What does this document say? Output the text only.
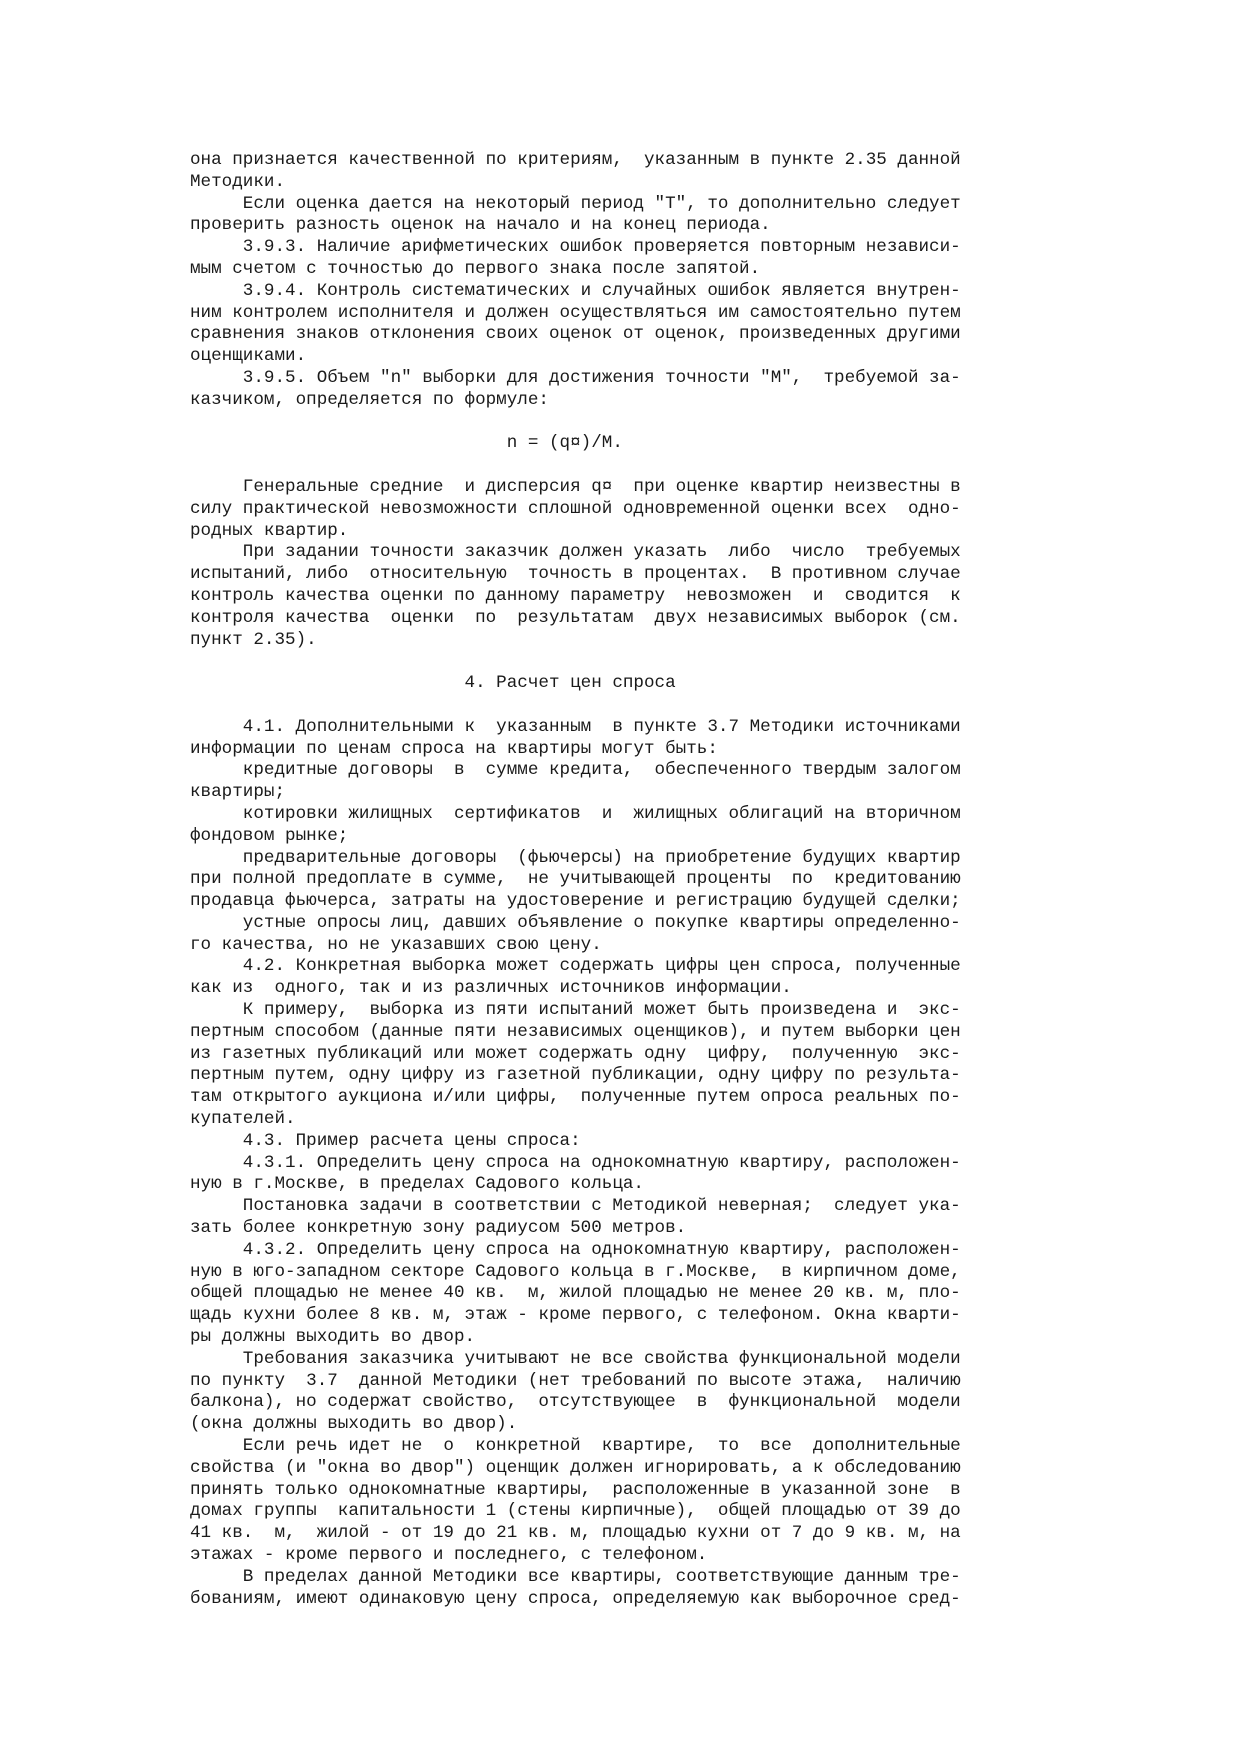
она признается качественной по критериям,  указанным в пункте 2.35 данной
Методики.
Если оценка дается на некоторый период "Т", то дополнительно следует
проверить разность оценок на начало и на конец периода.
3.9.3. Наличие арифметических ошибок проверяется повторным независи-
мым счетом с точностью до первого знака после запятой.
3.9.4. Контроль систематических и случайных ошибок является внутрен-
ним контролем исполнителя и должен осуществляться им самостоятельно путем
сравнения знаков отклонения своих оценок от оценок, произведенных другими
оценщиками.
3.9.5. Объем "n" выборки для достижения точности "М",  требуемой за-
казчиком, определяется по формуле:
n = (q¤)/М.
Генеральные средние  и дисперсия q¤  при оценке квартир неизвестны в
силу практической невозможности сплошной одновременной оценки всех  одно-
родных квартир.
При задании точности заказчик должен указать  либо  число  требуемых
испытаний, либо  относительную  точность в процентах.  В противном случае
контроль качества оценки по данному параметру  невозможен  и  сводится  к
контроля качества  оценки  по  результатам  двух независимых выборок (см.
пункт 2.35).
4. Расчет цен спроса
4.1. Дополнительными к  указанным  в пункте 3.7 Методики источниками
информации по ценам спроса на квартиры могут быть:
кредитные договоры  в  сумме кредита,  обеспеченного твердым залогом
квартиры;
котировки жилищных  сертификатов  и  жилищных облигаций на вторичном
фондовом рынке;
предварительные договоры  (фьючерсы) на приобретение будущих квартир
при полной предоплате в сумме,  не учитывающей проценты  по  кредитованию
продавца фьючерса, затраты на удостоверение и регистрацию будущей сделки;
устные опросы лиц, давших объявление о покупке квартиры определенно-
го качества, но не указавших свою цену.
4.2. Конкретная выборка может содержать цифры цен спроса, полученные
как из  одного, так и из различных источников информации.
К примеру,  выборка из пяти испытаний может быть произведена и  экс-
пертным способом (данные пяти независимых оценщиков), и путем выборки цен
из газетных публикаций или может содержать одну  цифру,  полученную  экс-
пертным путем, одну цифру из газетной публикации, одну цифру по результа-
там открытого аукциона и/или цифры,  полученные путем опроса реальных по-
купателей.
4.3. Пример расчета цены спроса:
4.3.1. Определить цену спроса на однокомнатную квартиру, расположен-
ную в г.Москве, в пределах Садового кольца.
Постановка задачи в соответствии с Методикой неверная;  следует ука-
зать более конкретную зону радиусом 500 метров.
4.3.2. Определить цену спроса на однокомнатную квартиру, расположен-
ную в юго-западном секторе Садового кольца в г.Москве,  в кирпичном доме,
общей площадью не менее 40 кв.  м, жилой площадью не менее 20 кв. м, пло-
щадь кухни более 8 кв. м, этаж - кроме первого, с телефоном. Окна кварти-
ры должны выходить во двор.
Требования заказчика учитывают не все свойства функциональной модели
по пункту  3.7  данной Методики (нет требований по высоте этажа,  наличию
балкона), но содержат свойство,  отсутствующее  в  функциональной  модели
(окна должны выходить во двор).
Если речь идет не  о  конкретной  квартире,  то  все  дополнительные
свойства (и "окна во двор") оценщик должен игнорировать, а к обследованию
принять только однокомнатные квартиры,  расположенные в указанной зоне  в
домах группы  капитальности 1 (стены кирпичные),  общей площадью от 39 до
41 кв.  м,  жилой - от 19 до 21 кв. м, площадью кухни от 7 до 9 кв. м, на
этажах - кроме первого и последнего, с телефоном.
В пределах данной Методики все квартиры, соответствующие данным тре-
бованиям, имеют одинаковую цену спроса, определяемую как выборочное сред-
